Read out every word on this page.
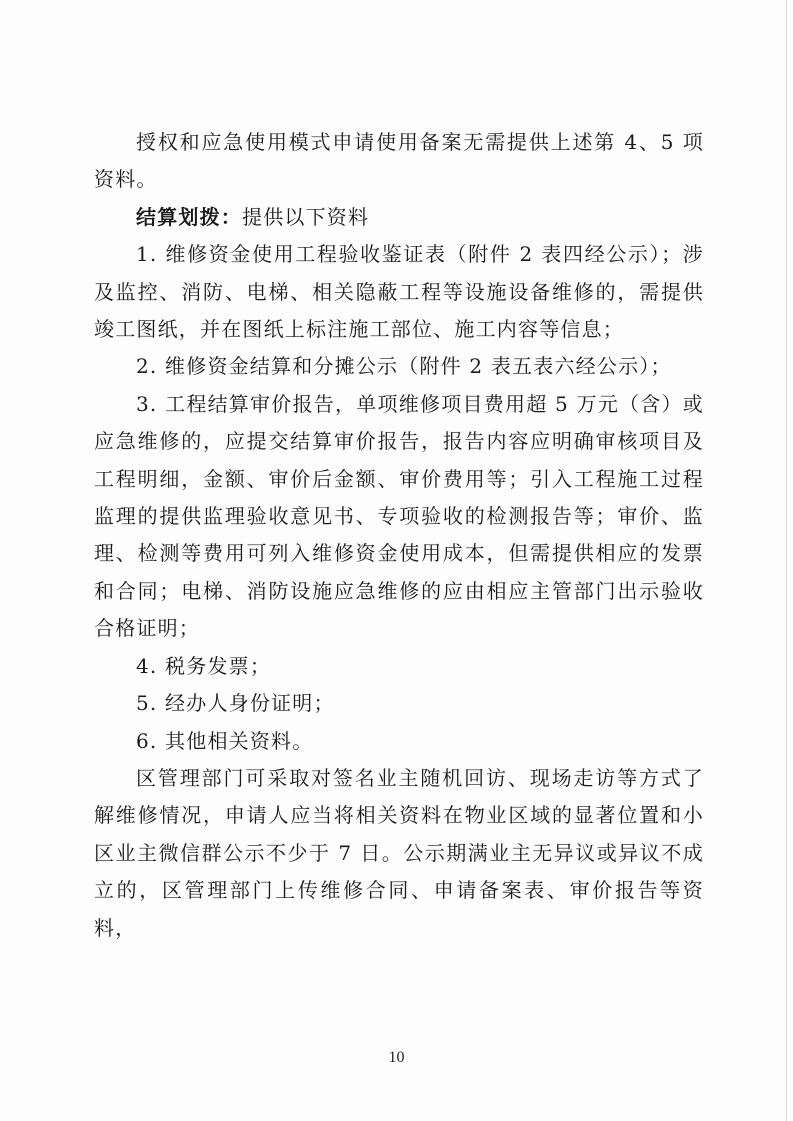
授权和应急使用模式申请使用备案无需提供上述第 4、5 项资料。

结算划拨：提供以下资料

1. 维修资金使用工程验收鉴证表（附件 2 表四经公示）；涉及监控、消防、电梯、相关隐蔽工程等设施设备维修的，需提供竣工图纸，并在图纸上标注施工部位、施工内容等信息；

2. 维修资金结算和分摊公示（附件 2 表五表六经公示）；

3. 工程结算审价报告，单项维修项目费用超 5 万元（含）或应急维修的，应提交结算审价报告，报告内容应明确审核项目及工程明细，金额、审价后金额、审价费用等；引入工程施工过程监理的提供监理验收意见书、专项验收的检测报告等；审价、监理、检测等费用可列入维修资金使用成本，但需提供相应的发票和合同；电梯、消防设施应急维修的应由相应主管部门出示验收合格证明；

4. 税务发票；

5. 经办人身份证明；

6. 其他相关资料。

区管理部门可采取对签名业主随机回访、现场走访等方式了解维修情况，申请人应当将相关资料在物业区域的显著位置和小区业主微信群公示不少于 7 日。公示期满业主无异议或异议不成立的，区管理部门上传维修合同、申请备案表、审价报告等资料，

10
